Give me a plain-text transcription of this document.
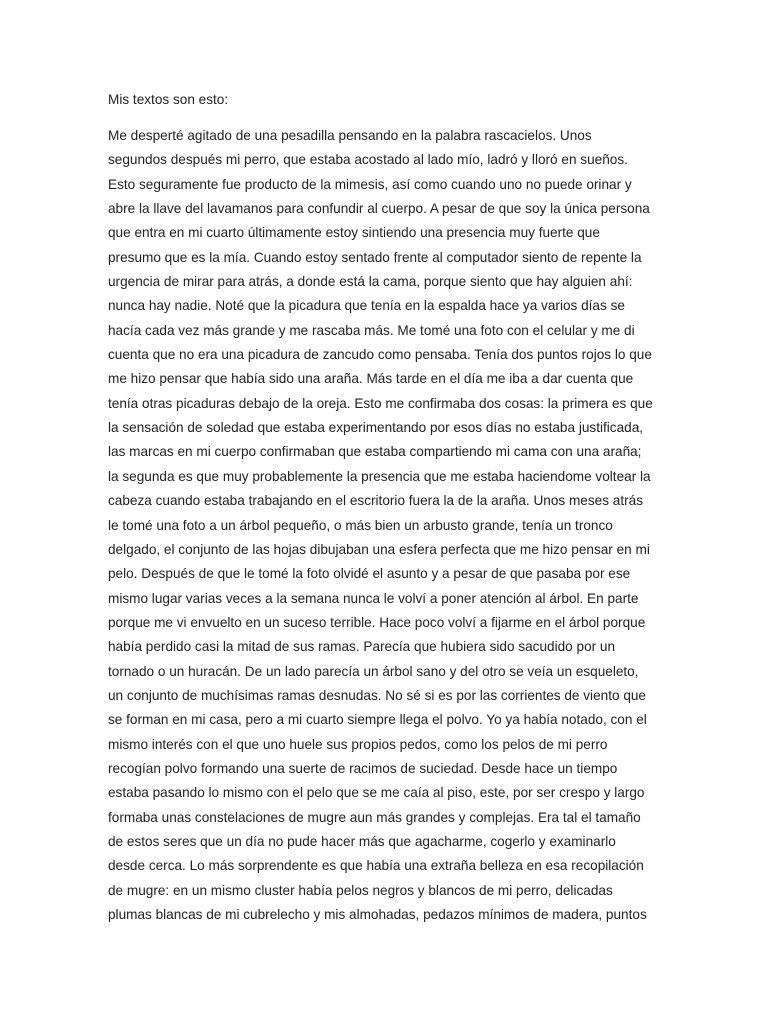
Mis textos son esto:
Me desperté agitado de una pesadilla pensando en la palabra rascacielos. Unos
segundos después mi perro, que estaba acostado al lado mío, ladró y lloró en sueños.
Esto seguramente fue producto de la mimesis, así como cuando uno no puede orinar y
abre la llave del lavamanos para confundir al cuerpo. A pesar de que soy la única persona
que entra en mi cuarto últimamente estoy sintiendo una presencia muy fuerte que
presumo que es la mía. Cuando estoy sentado frente al computador siento de repente la
urgencia de mirar para atrás, a donde está la cama, porque siento que hay alguien ahí:
nunca hay nadie. Noté que la picadura que tenía en la espalda hace ya varios días se
hacía cada vez más grande y me rascaba más. Me tomé una foto con el celular y me di
cuenta que no era una picadura de zancudo como pensaba. Tenía dos puntos rojos lo que
me hizo pensar que había sido una araña. Más tarde en el día me iba a dar cuenta que
tenía otras picaduras debajo de la oreja. Esto me confirmaba dos cosas: la primera es que
la sensación de soledad que estaba experimentando por esos días no estaba justificada,
las marcas en mi cuerpo confirmaban que estaba compartiendo mi cama con una araña;
la segunda es que muy probablemente la presencia que me estaba haciendome voltear la
cabeza cuando estaba trabajando en el escritorio fuera la de la araña. Unos meses atrás
le tomé una foto a un árbol pequeño, o más bien un arbusto grande, tenía un tronco
delgado, el conjunto de las hojas dibujaban una esfera perfecta que me hizo pensar en mi
pelo. Después de que le tomé la foto olvidé el asunto y a pesar de que pasaba por ese
mismo lugar varias veces a la semana nunca le volví a poner atención al árbol. En parte
porque me vi envuelto en un suceso terrible. Hace poco volví a fijarme en el árbol porque
había perdido casi la mitad de sus ramas. Parecía que hubiera sido sacudido por un
tornado o un huracán. De un lado parecía un árbol sano y del otro se veía un esqueleto,
un conjunto de muchísimas ramas desnudas. No sé si es por las corrientes de viento que
se forman en mi casa, pero a mi cuarto siempre llega el polvo. Yo ya había notado, con el
mismo interés con el que uno huele sus propios pedos, como los pelos de mi perro
recogían polvo formando una suerte de racimos de suciedad. Desde hace un tiempo
estaba pasando lo mismo con el pelo que se me caía al piso, este, por ser crespo y largo
formaba unas constelaciones de mugre aun más grandes y complejas. Era tal el tamaño
de estos seres que un día no pude hacer más que agacharme, cogerlo y examinarlo
desde cerca. Lo más sorprendente es que había una extraña belleza en esa recopilación
de mugre: en un mismo cluster había pelos negros y blancos de mi perro, delicadas
plumas blancas de mi cubrelecho y mis almohadas, pedazos mínimos de madera, puntos
